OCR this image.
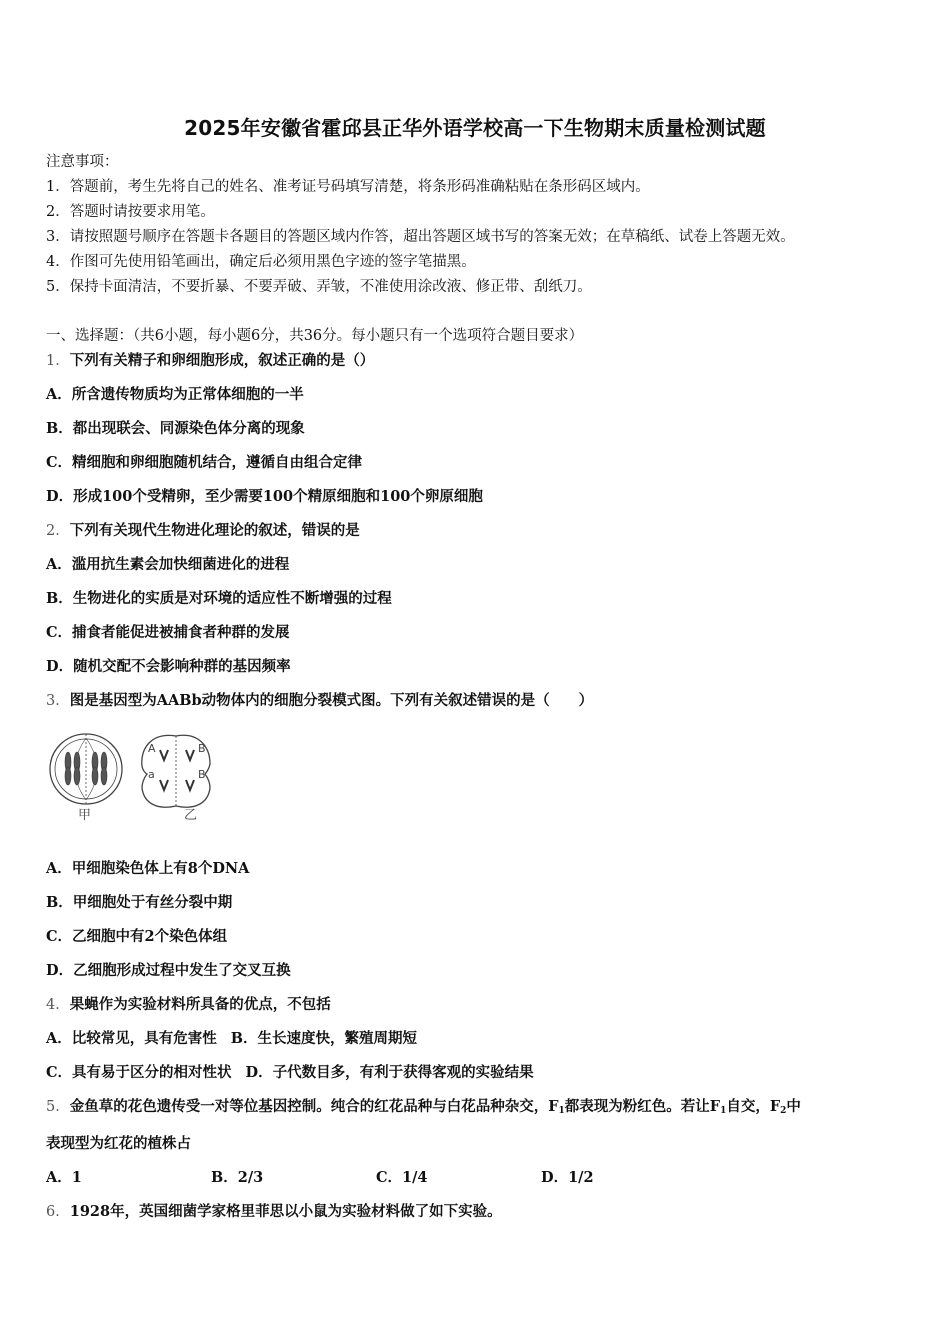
2025年安徽省霍邱县正华外语学校高一下生物期末质量检测试题
注意事项：
1．答题前，考生先将自己的姓名、准考证号码填写清楚，将条形码准确粘贴在条形码区域内。
2．答题时请按要求用笔。
3．请按照题号顺序在答题卡各题目的答题区域内作答，超出答题区域书写的答案无效；在草稿纸、试卷上答题无效。
4．作图可先使用铅笔画出，确定后必须用黑色字迹的签字笔描黑。
5．保持卡面清洁，不要折暴、不要弄破、弄皱，不准使用涂改液、修正带、刮纸刀。
一、选择题：（共6小题，每小题6分，共36分。每小题只有一个选项符合题目要求）
1．下列有关精子和卵细胞形成，叙述正确的是（）
A．所含遗传物质均为正常体细胞的一半
B．都出现联会、同源染色体分离的现象
C．精细胞和卵细胞随机结合，遵循自由组合定律
D．形成100个受精卵，至少需要100个精原细胞和100个卵原细胞
2．下列有关现代生物进化理论的叙述，错误的是
A．滥用抗生素会加快细菌进化的进程
B．生物进化的实质是对环境的适应性不断增强的过程
C．捕食者能促进被捕食者种群的发展
D．随机交配不会影响种群的基因频率
3．图是基因型为AABb动物体内的细胞分裂模式图。下列有关叙述错误的是（　　）
A
a
B
B
甲	乙
A．甲细胞染色体上有8个DNA
B．甲细胞处于有丝分裂中期
C．乙细胞中有2个染色体组
D．乙细胞形成过程中发生了交叉互换
4．果蝇作为实验材料所具备的优点，不包括
A．比较常见，具有危害性 B．生长速度快，繁殖周期短
C．具有易于区分的相对性状 D．子代数目多，有利于获得客观的实验结果
5．金鱼草的花色遗传受一对等位基因控制。纯合的红花品种与白花品种杂交，$F_1$都表现为粉红色。若让$F_1$自交，$F_2$中
表现型为红花的植株占
A．1	B．2/3	C．1/4	D．1/2
6．1928年，英国细菌学家格里菲思以小鼠为实验材料做了如下实验。
